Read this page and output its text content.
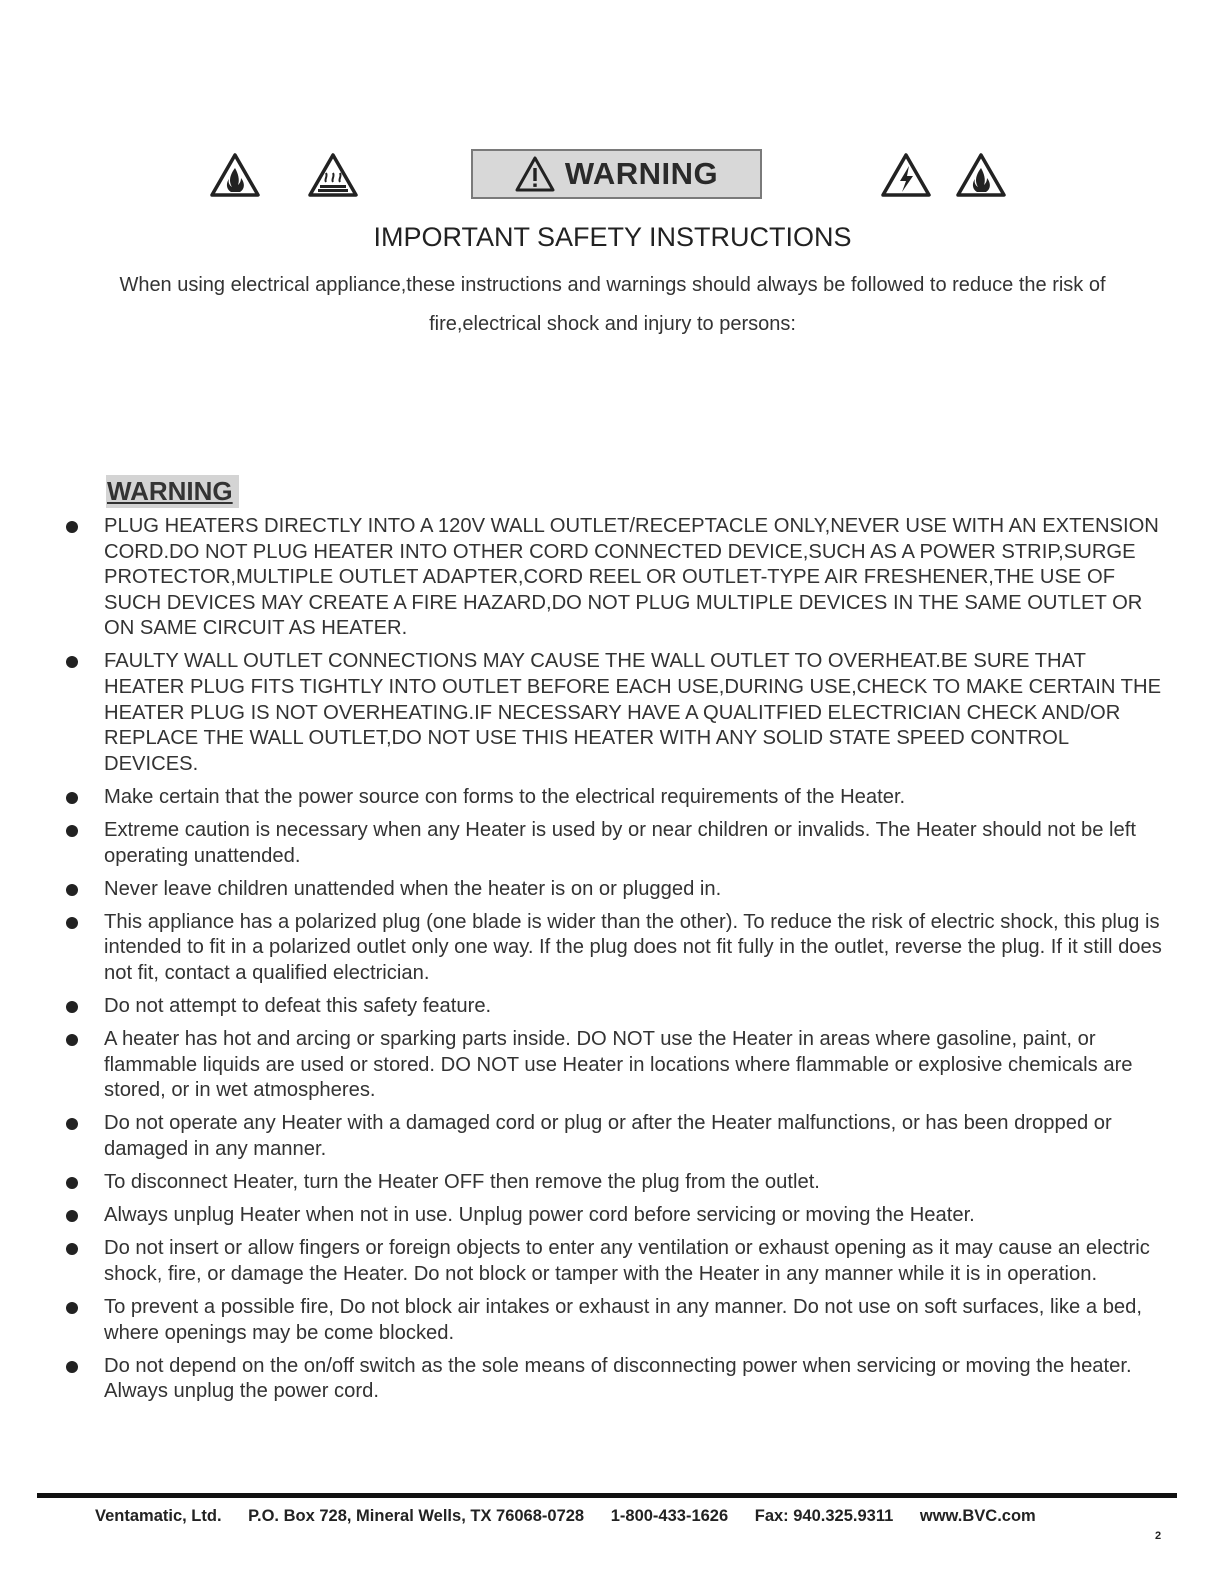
WARNING
IMPORTANT SAFETY INSTRUCTIONS
When using electrical appliance,these instructions and warnings should always be followed to reduce the risk of fire,electrical shock and injury to persons:
WARNING
PLUG HEATERS DIRECTLY INTO A 120V WALL OUTLET/RECEPTACLE ONLY,NEVER USE WITH AN EXTENSION CORD.DO NOT PLUG HEATER INTO OTHER CORD CONNECTED DEVICE,SUCH AS A POWER STRIP,SURGE PROTECTOR,MULTIPLE OUTLET ADAPTER,CORD REEL OR OUTLET-TYPE AIR FRESHENER,THE USE OF SUCH DEVICES MAY CREATE A FIRE HAZARD,DO NOT PLUG MULTIPLE DEVICES IN THE SAME OUTLET OR ON SAME CIRCUIT AS HEATER.
FAULTY WALL OUTLET CONNECTIONS MAY CAUSE THE WALL OUTLET TO OVERHEAT.BE SURE THAT HEATER PLUG FITS TIGHTLY INTO OUTLET BEFORE EACH USE,DURING USE,CHECK TO MAKE CERTAIN THE HEATER PLUG IS NOT OVERHEATING.IF NECESSARY HAVE A QUALITFIED ELECTRICIAN CHECK AND/OR REPLACE THE WALL OUTLET,DO NOT USE THIS HEATER WITH ANY SOLID STATE SPEED CONTROL DEVICES.
Make certain that the power source con forms to the electrical requirements of the Heater.
Extreme caution is necessary when any Heater is used by or near children or invalids. The Heater should not be left operating unattended.
Never leave children unattended when the heater is on or plugged in.
This appliance has a polarized plug (one blade is wider than the other). To reduce the risk of electric shock, this plug is intended to fit in a polarized outlet only one way. If the plug does not fit fully in the outlet, reverse the plug. If it still does not fit, contact a qualified electrician.
Do not attempt to defeat this safety feature.
A heater has hot and arcing or sparking parts inside. DO NOT use the Heater in areas where gasoline, paint, or flammable liquids are used or stored. DO NOT use Heater in locations where flammable or explosive chemicals are stored, or in wet atmospheres.
Do not operate any Heater with a damaged cord or plug or after the Heater malfunctions, or has been dropped or damaged in any manner.
To disconnect Heater, turn the Heater OFF then remove the plug from the outlet.
Always unplug Heater when not in use. Unplug power cord before servicing or moving the Heater.
Do not insert or allow fingers or foreign objects to enter any ventilation or exhaust opening as it may cause an electric shock, fire, or damage the Heater. Do not block or tamper with the Heater in any manner while it is in operation.
To prevent a possible fire, Do not block air intakes or exhaust in any manner. Do not use on soft surfaces, like a bed, where openings may be come blocked.
Do not depend on the on/off switch as the sole means of disconnecting power when servicing or moving the heater. Always unplug the power cord.
Ventamatic, Ltd. P.O. Box 728, Mineral Wells, TX 76068-0728 1-800-433-1626 Fax: 940.325.9311 www.BVC.com
2
